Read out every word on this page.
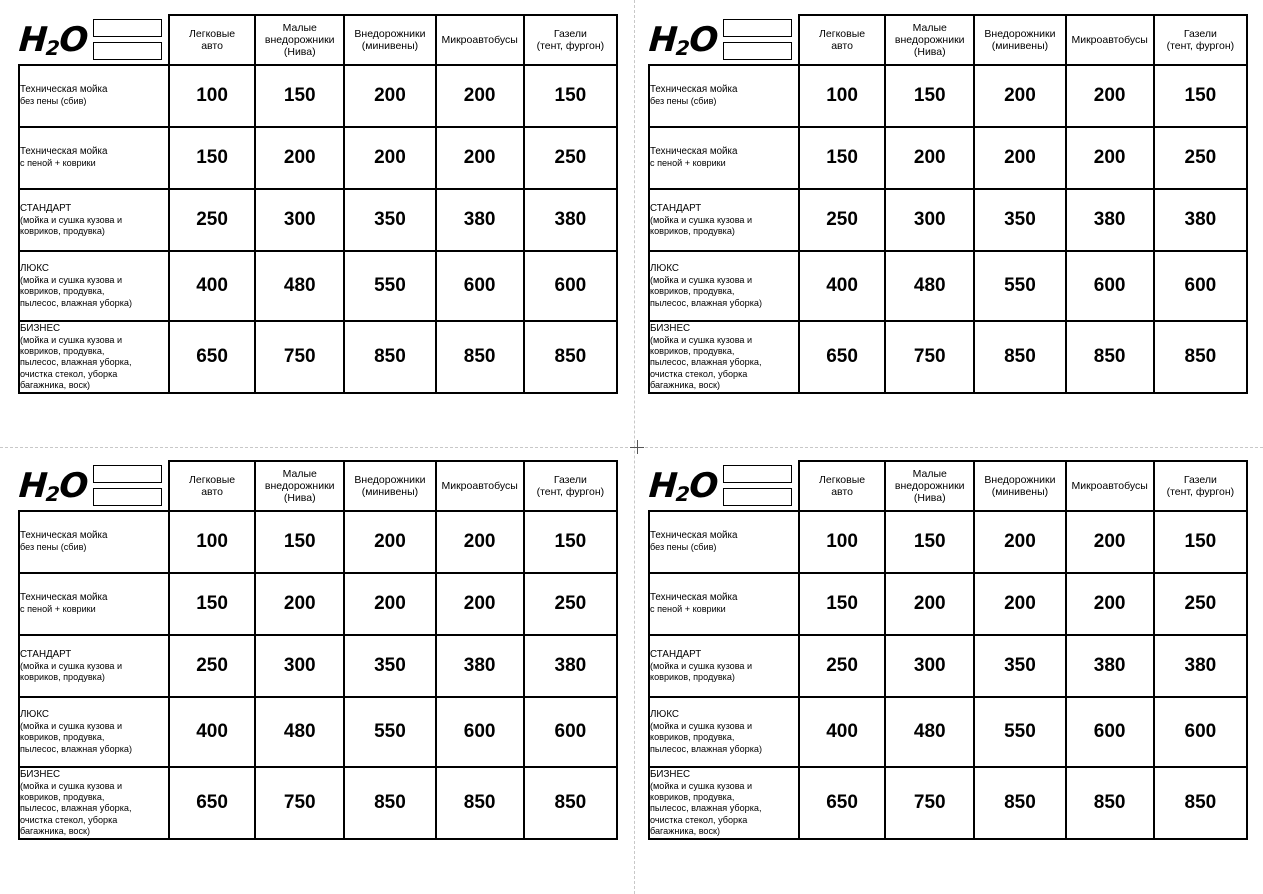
$H_2O$	
		Легковые
авто	Малые
внедорожники
(Нива)	Внедорожники
(минивены)	Микроавтобусы	Газели
(тент, фургон)

Техническая мойка
без пены (сбив)	100	150	200	200	150

Техническая мойка
с пеной + коврики	150	200	200	200	250

СТАНДАРТ
(мойка и сушка кузова и
ковриков, продувка)
	250	300	350	380	380

ЛЮКС
(мойка и сушка кузова и
ковриков, продувка,
пылесос, влажная уборка)
	400	480	550	600	600

БИЗНЕС
(мойка и сушка кузова и
ковриков, продувка,
пылесос, влажная уборка,
очистка стекол, уборка
багажника, воск)
	650	750	850	850	850
$H_2O$	
		Легковые
авто	Малые
внедорожники
(Нива)	Внедорожники
(минивены)	Микроавтобусы	Газели
(тент, фургон)

Техническая мойка
без пены (сбив)	100	150	200	200	150

Техническая мойка
с пеной + коврики	150	200	200	200	250

СТАНДАРТ
(мойка и сушка кузова и
ковриков, продувка)
	250	300	350	380	380

ЛЮКС
(мойка и сушка кузова и
ковриков, продувка,
пылесос, влажная уборка)
	400	480	550	600	600

БИЗНЕС
(мойка и сушка кузова и
ковриков, продувка,
пылесос, влажная уборка,
очистка стекол, уборка
багажника, воск)
	650	750	850	850	850
$H_2O$	
		Легковые
авто	Малые
внедорожники
(Нива)	Внедорожники
(минивены)	Микроавтобусы	Газели
(тент, фургон)

Техническая мойка
без пены (сбив)	100	150	200	200	150

Техническая мойка
с пеной + коврики	150	200	200	200	250

СТАНДАРТ
(мойка и сушка кузова и
ковриков, продувка)
	250	300	350	380	380

ЛЮКС
(мойка и сушка кузова и
ковриков, продувка,
пылесос, влажная уборка)
	400	480	550	600	600

БИЗНЕС
(мойка и сушка кузова и
ковриков, продувка,
пылесос, влажная уборка,
очистка стекол, уборка
багажника, воск)
	650	750	850	850	850
$H_2O$	
		Легковые
авто	Малые
внедорожники
(Нива)	Внедорожники
(минивены)	Микроавтобусы	Газели
(тент, фургон)

Техническая мойка
без пены (сбив)	100	150	200	200	150

Техническая мойка
с пеной + коврики	150	200	200	200	250

СТАНДАРТ
(мойка и сушка кузова и
ковриков, продувка)
	250	300	350	380	380

ЛЮКС
(мойка и сушка кузова и
ковриков, продувка,
пылесос, влажная уборка)
	400	480	550	600	600

БИЗНЕС
(мойка и сушка кузова и
ковриков, продувка,
пылесос, влажная уборка,
очистка стекол, уборка
багажника, воск)
	650	750	850	850	850
